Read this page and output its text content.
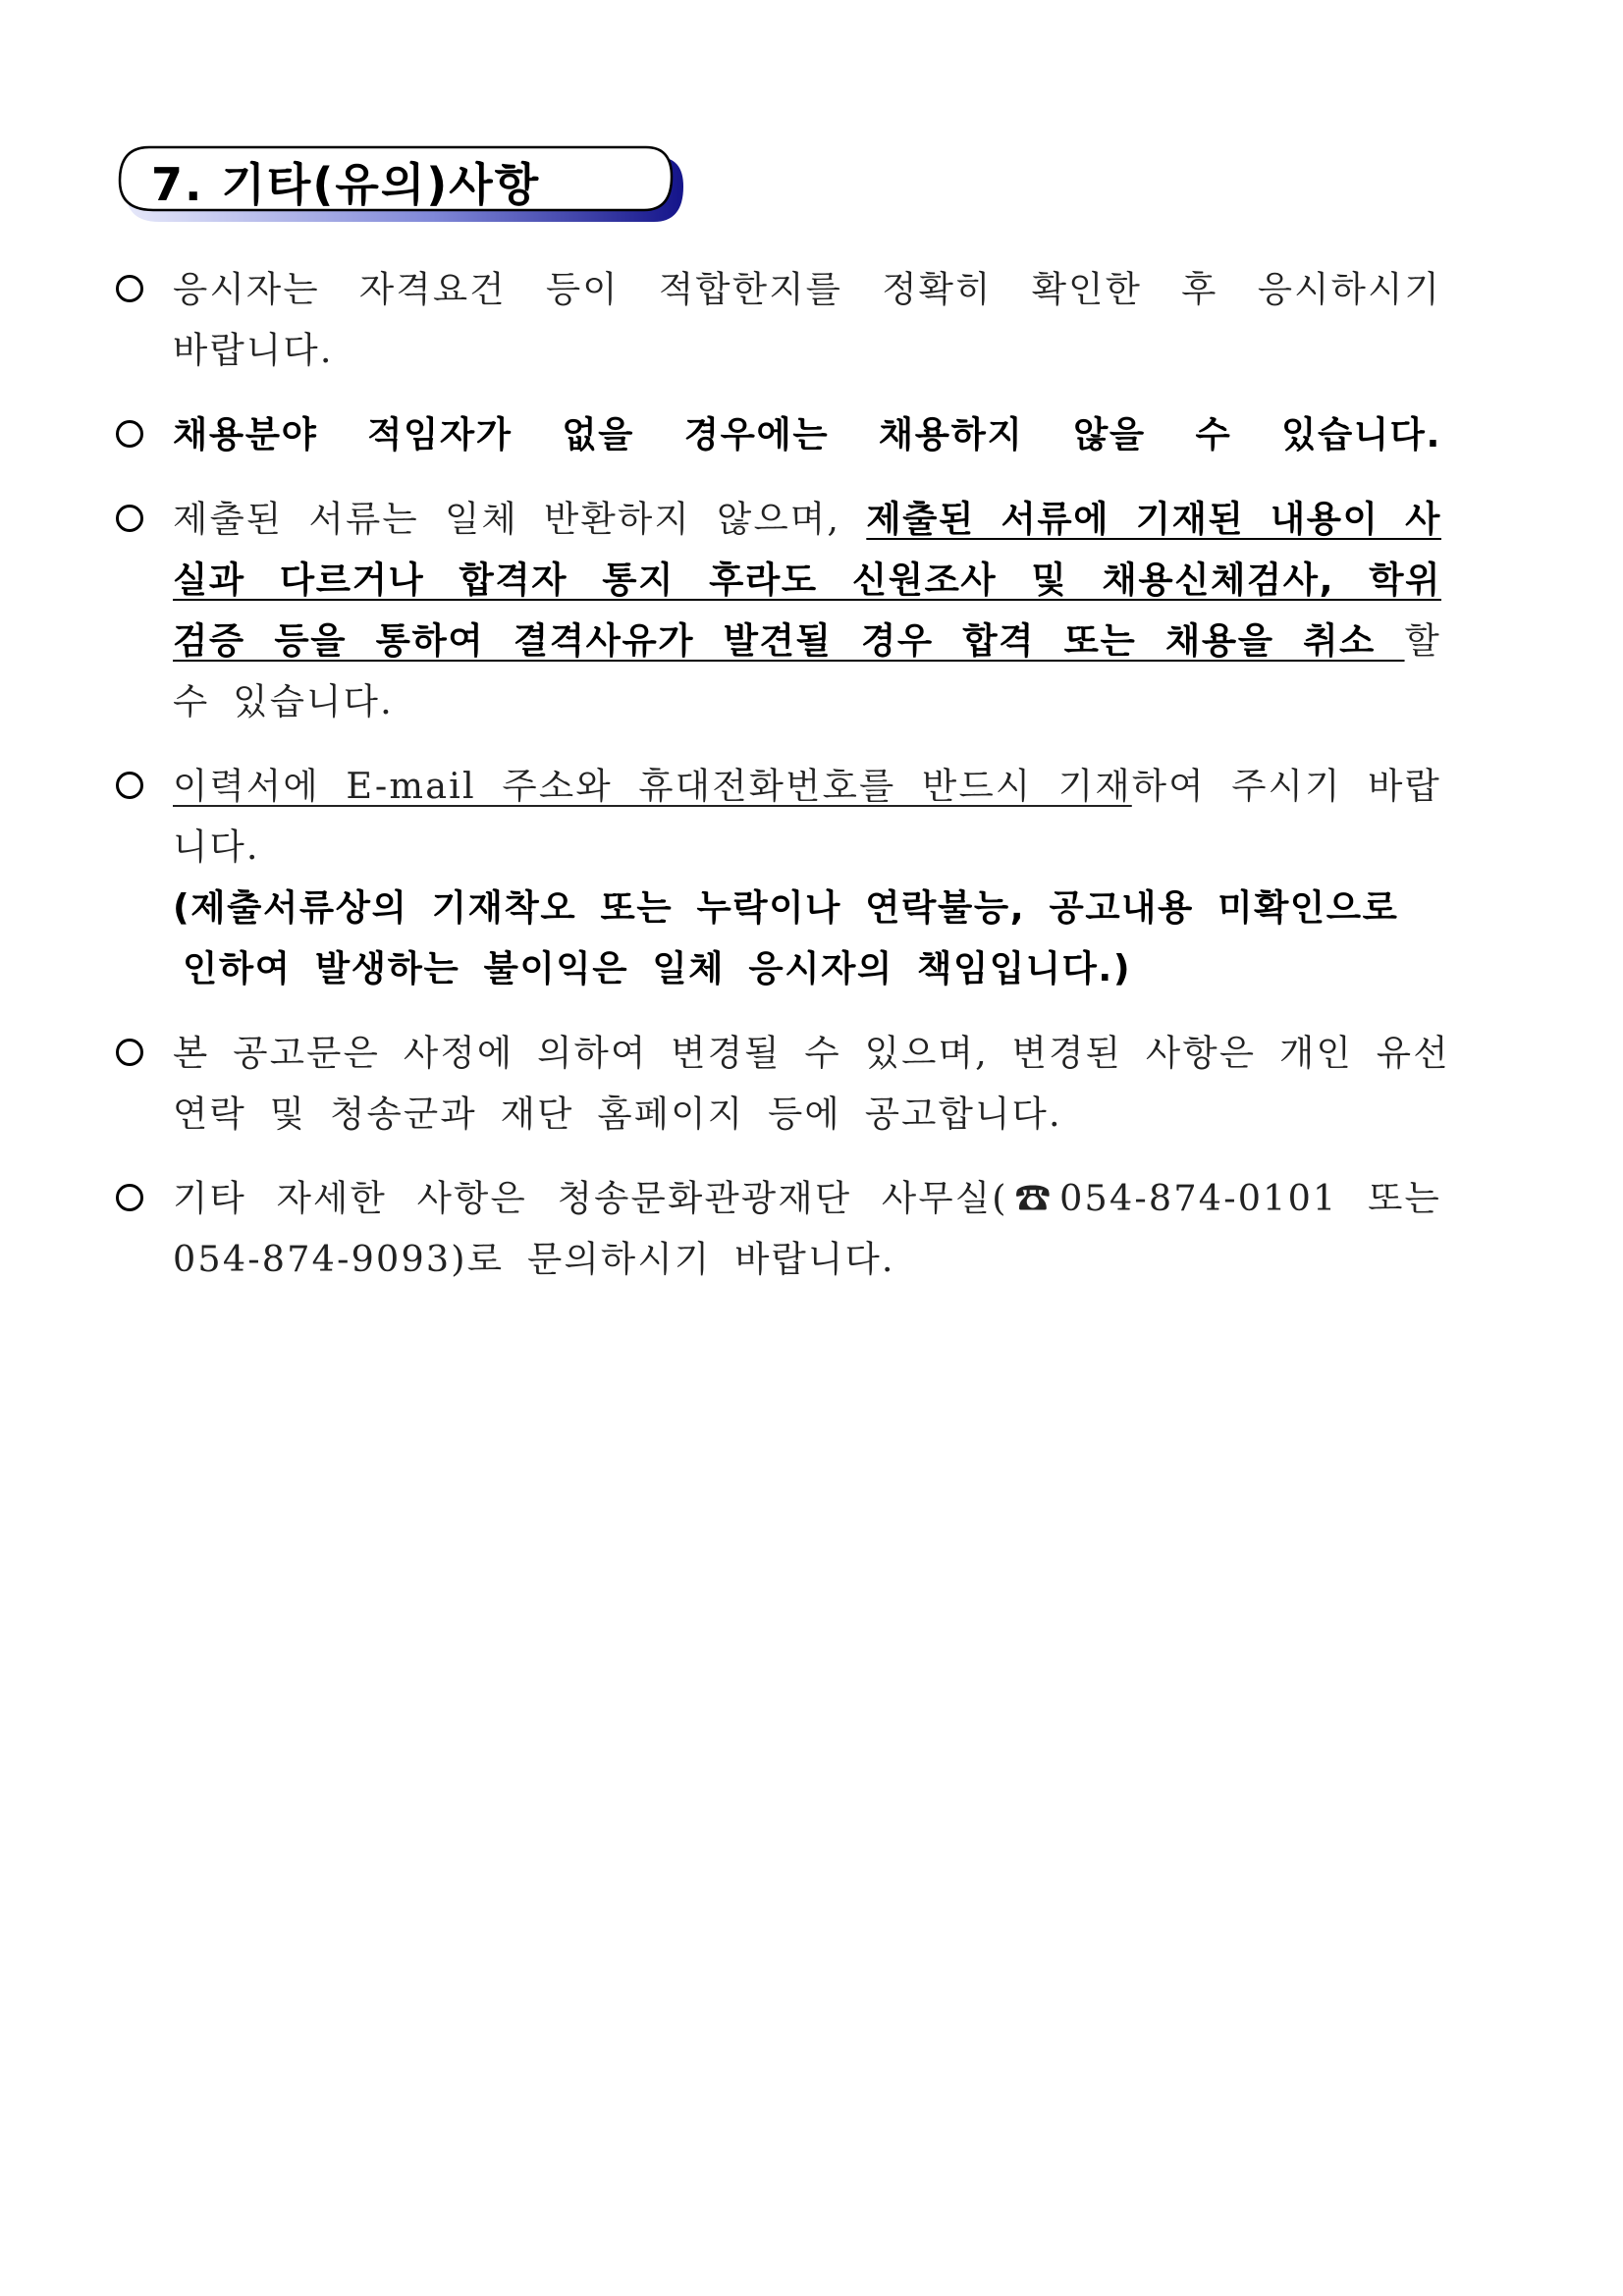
7. 기타(유의)사항
응시자는 자격요건 등이 적합한지를 정확히 확인한 후 응시하시기
바랍니다.
채용분야 적임자가 없을 경우에는 채용하지 않을 수 있습니다.
제출된 서류는 일체 반환하지 않으며, 제출된 서류에 기재된 내용이 사
실과 다르거나 합격자 통지 후라도 신원조사 및 채용신체검사, 학위
검증 등을 통하여 결격사유가 발견될 경우 합격 또는 채용을 취소 할
수 있습니다.
이력서에 E-mail 주소와 휴대전화번호를 반드시 기재하여 주시기 바랍
니다.
(제출서류상의 기재착오 또는 누락이나 연락불능, 공고내용 미확인으로
인하여 발생하는 불이익은 일체 응시자의 책임입니다.)
본 공고문은 사정에 의하여 변경될 수 있으며, 변경된 사항은 개인 유선
연락 및 청송군과 재단 홈페이지 등에 공고합니다.
기타 자세한 사항은 청송문화관광재단 사무실(☎054-874-0101 또는
054-874-9093)로 문의하시기 바랍니다.
